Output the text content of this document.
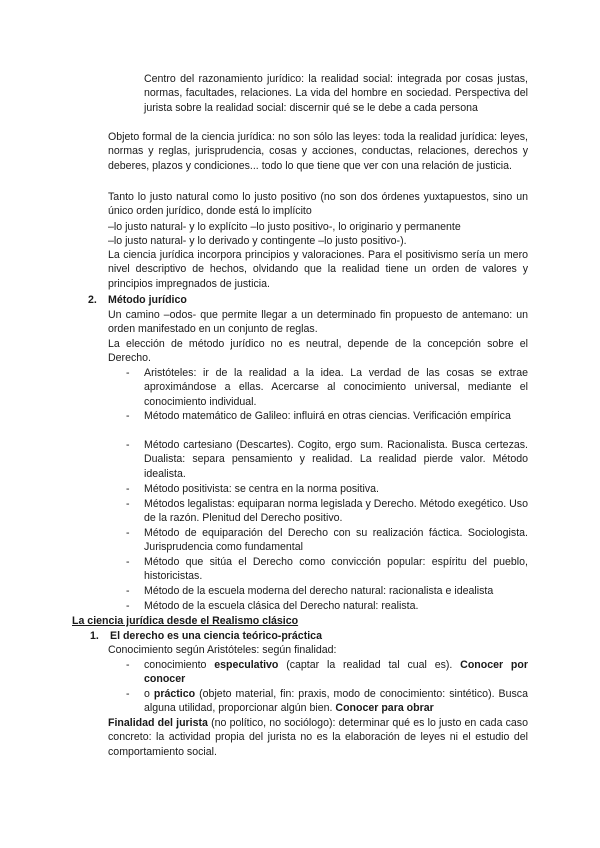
Centro del razonamiento jurídico: la realidad social: integrada por cosas justas, normas, facultades, relaciones. La vida del hombre en sociedad. Perspectiva del jurista sobre la realidad social: discernir qué se le debe a cada persona

Objeto formal de la ciencia jurídica: no son sólo las leyes: toda la realidad jurídica: leyes, normas y reglas, jurisprudencia, cosas y acciones, conductas, relaciones, derechos y deberes, plazos y condiciones... todo lo que tiene que ver con una relación de justicia.

Tanto lo justo natural como lo justo positivo (no son dos órdenes yuxtapuestos, sino un único orden jurídico, donde está lo implícito

–lo justo natural- y lo explícito –lo justo positivo-, lo originario y permanente

–lo justo natural- y lo derivado y contingente –lo justo positivo-).

La ciencia jurídica incorpora principios y valoraciones. Para el positivismo sería un mero nivel descriptivo de hechos, olvidando que la realidad tiene un orden de valores y principios impregnados de justicia.

2.	Método jurídico

Un camino –odos- que permite llegar a un determinado fin propuesto de antemano: un orden manifestado en un conjunto de reglas.

La elección de método jurídico no es neutral, depende de la concepción sobre el Derecho.

-	Aristóteles: ir de la realidad a la idea. La verdad de las cosas se extrae aproximándose a ellas. Acercarse al conocimiento universal, mediante el conocimiento individual.
-	Método matemático de Galileo: influirá en otras ciencias. Verificación empírica
-	Método cartesiano (Descartes). Cogito, ergo sum. Racionalista. Busca certezas. Dualista: separa pensamiento y realidad. La realidad pierde valor. Método idealista.
-	Método positivista: se centra en la norma positiva.
-	Métodos legalistas: equiparan norma legislada y Derecho. Método exegético. Uso de la razón. Plenitud del Derecho positivo.
-	Método de equiparación del Derecho con su realización fáctica. Sociologista. Jurisprudencia como fundamental
-	Método que sitúa el Derecho como convicción popular: espíritu del pueblo, historicistas.
-	Método de la escuela moderna del derecho natural: racionalista e idealista
-	Método de la escuela clásica del Derecho natural: realista.

La ciencia jurídica desde el Realismo clásico

1.	El derecho es una ciencia teórico-práctica

Conocimiento según Aristóteles: según finalidad:

-	conocimiento especulativo (captar la realidad tal cual es). Conocer por conocer
-	o práctico (objeto material, fin: praxis, modo de conocimiento: sintético). Busca alguna utilidad, proporcionar algún bien. Conocer para obrar

Finalidad del jurista (no político, no sociólogo): determinar qué es lo justo en cada caso concreto: la actividad propia del jurista no es la elaboración de leyes ni el estudio del comportamiento social.
